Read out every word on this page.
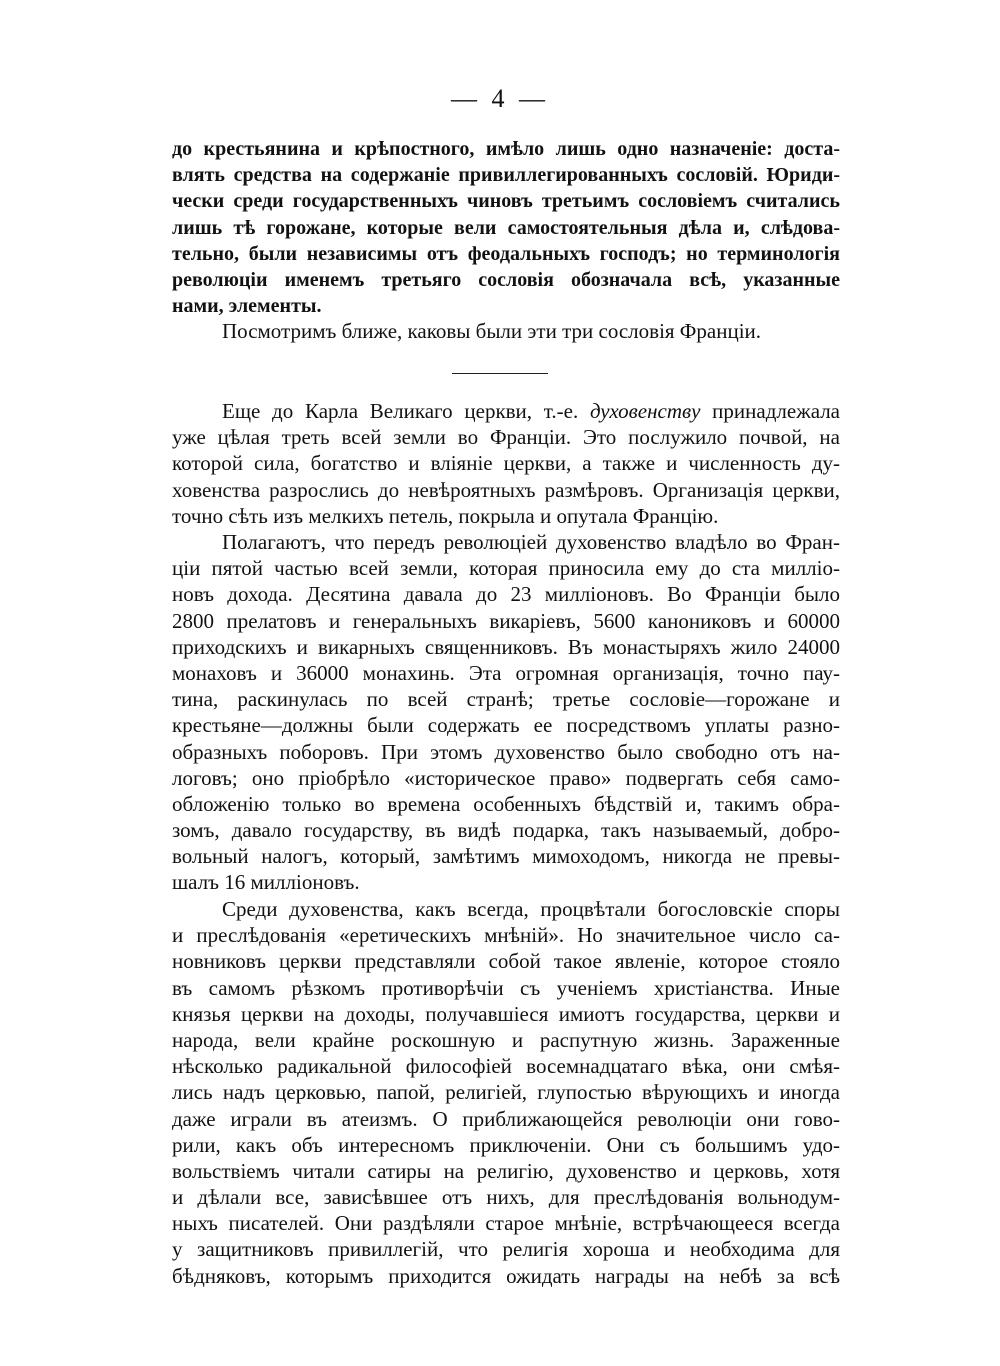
— 4 —
до крестьянина и крѣпостного, имѣло лишь одно назначеніе: доста-
влять средства на содержаніе привиллегированныхъ сословій. Юриди-
чески среди государственныхъ чиновъ третьимъ сословіемъ считались
лишь тѣ горожане, которые вели самостоятельныя дѣла и, слѣдова-
тельно, были независимы отъ феодальныхъ господъ; но терминологія
революціи именемъ третьяго сословія обозначала всѣ, указанные
нами, элементы.
Посмотримъ ближе, каковы были эти три сословія Франціи.
Еще до Карла Великаго церкви, т.-е. духовенству принадлежала
уже цѣлая треть всей земли во Франціи. Это послужило почвой, на
которой сила, богатство и вліяніе церкви, а также и численность ду-
ховенства разрослись до невѣроятныхъ размѣровъ. Организація церкви,
точно сѣть изъ мелкихъ петель, покрыла и опутала Францію.
Полагаютъ, что передъ революціей духовенство владѣло во Фран-
ціи пятой частью всей земли, которая приносила ему до ста милліо-
новъ дохода. Десятина давала до 23 милліоновъ. Во Франціи было
2800 прелатовъ и генеральныхъ викаріевъ, 5600 канониковъ и 60000
приходскихъ и викарныхъ священниковъ. Въ монастыряхъ жило 24000
монаховъ и 36000 монахинь. Эта огромная организація, точно пау-
тина, раскинулась по всей странѣ; третье сословіе—горожане и
крестьяне—должны были содержать ее посредствомъ уплаты разно-
образныхъ поборовъ. При этомъ духовенство было свободно отъ на-
логовъ; оно пріобрѣло «историческое право» подвергать себя само-
обложенію только во времена особенныхъ бѣдствій и, такимъ обра-
зомъ, давало государству, въ видѣ подарка, такъ называемый, добро-
вольный налогъ, который, замѣтимъ мимоходомъ, никогда не превы-
шалъ 16 милліоновъ.
Среди духовенства, какъ всегда, процвѣтали богословскіе споры
и преслѣдованія «еретическихъ мнѣній». Но значительное число са-
новниковъ церкви представляли собой такое явленіе, которое стояло
въ самомъ рѣзкомъ противорѣчіи съ ученіемъ христіанства. Иные
князья церкви на доходы, получавшіеся имиотъ государства, церкви и
народа, вели крайне роскошную и распутную жизнь. Зараженные
нѣсколько радикальной философіей восемнадцатаго вѣка, они смѣя-
лись надъ церковью, папой, религіей, глупостью вѣрующихъ и иногда
даже играли въ атеизмъ. О приближающейся революціи они гово-
рили, какъ объ интересномъ приключеніи. Они съ большимъ удо-
вольствіемъ читали сатиры на религію, духовенство и церковь, хотя
и дѣлали все, зависѣвшее отъ нихъ, для преслѣдованія вольнодум-
ныхъ писателей. Они раздѣляли старое мнѣніе, встрѣчающееся всегда
у защитниковъ привиллегій, что религія хороша и необходима для
бѣдняковъ, которымъ приходится ожидать награды на небѣ за всѣ
